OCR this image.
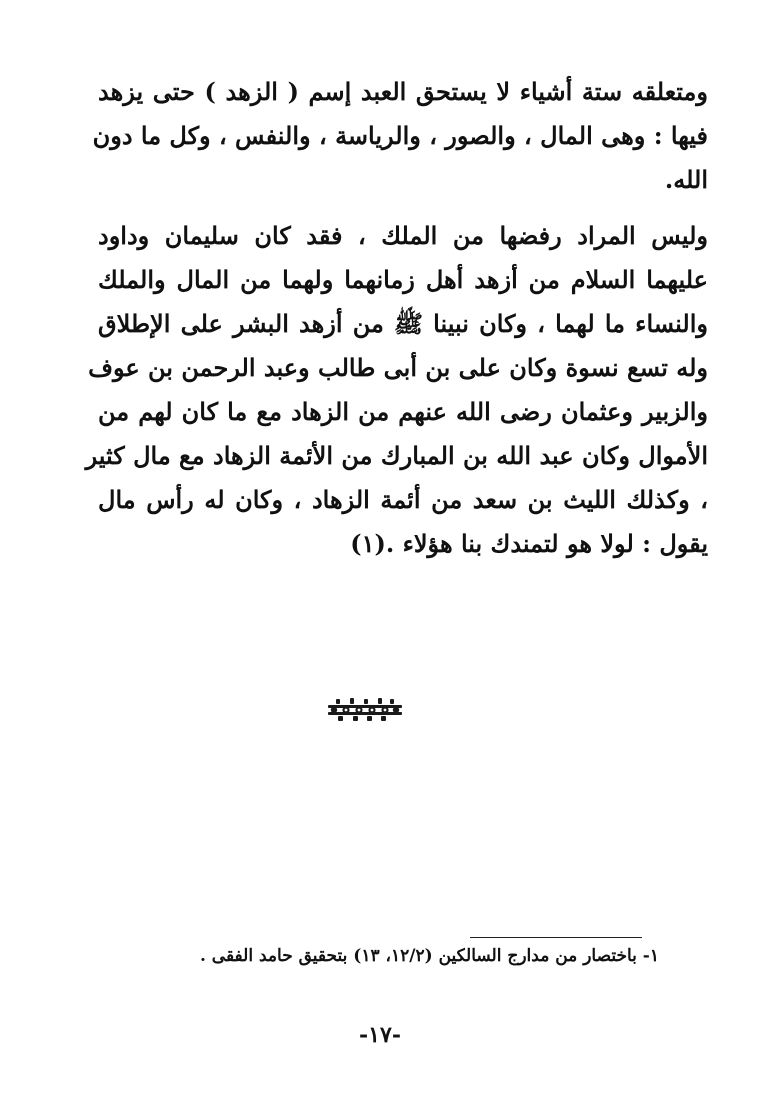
ومتعلقه ستة أشياء لا يستحق العبد إسم ( الزهد ) حتى يزهد
فيها : وهى المال ، والصور ، والرياسة ، والنفس ، وكل ما دون
الله.

وليس المراد رفضها من الملك ، فقد كان سليمان وداود
عليهما السلام من أزهد أهل زمانهما ولهما من المال والملك
والنساء ما لهما ، وكان نبينا ﷺ من أزهد البشر على الإطلاق
وله تسع نسوة وكان على بن أبى طالب وعبد الرحمن بن عوف
والزبير وعثمان رضى الله عنهم من الزهاد مع ما كان لهم من
الأموال وكان عبد الله بن المبارك من الأئمة الزهاد مع مال كثير
، وكذلك الليث بن سعد من أئمة الزهاد ، وكان له رأس مال
يقول : لولا هو لتمندك بنا هؤلاء .(١)

١- باختصار من مدارج السالكين (١٢/٢، ١٣) بتحقيق حامد الفقى .
-١٧-
